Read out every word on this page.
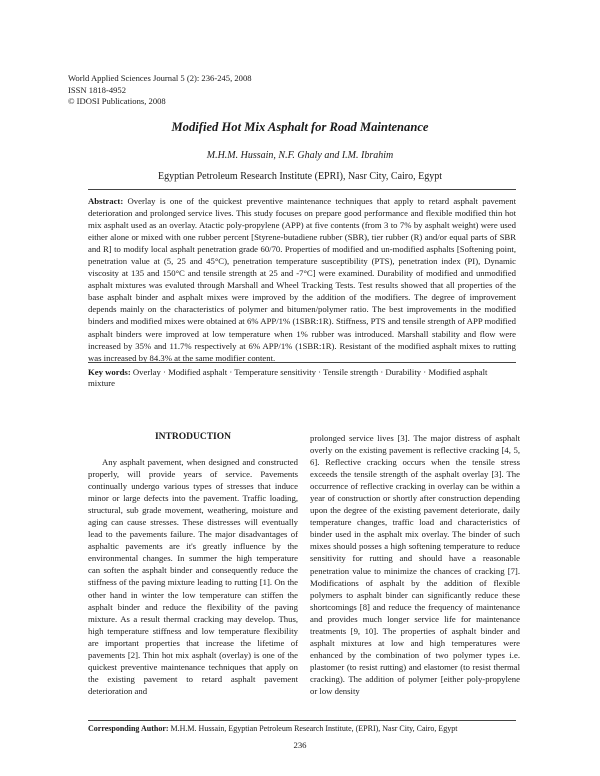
World Applied Sciences Journal 5 (2): 236-245, 2008
ISSN 1818-4952
© IDOSI Publications, 2008
Modified Hot Mix Asphalt for Road Maintenance
M.H.M. Hussain, N.F. Ghaly and I.M. Ibrahim
Egyptian Petroleum Research Institute (EPRI), Nasr City, Cairo, Egypt
Abstract: Overlay is one of the quickest preventive maintenance techniques that apply to retard asphalt pavement deterioration and prolonged service lives. This study focuses on prepare good performance and flexible modified thin hot mix asphalt used as an overlay. Atactic poly-propylene (APP) at five contents (from 3 to 7% by asphalt weight) were used either alone or mixed with one rubber percent [Styrene-butadiene rubber (SBR), tier rubber (R) and/or equal parts of SBR and R] to modify local asphalt penetration grade 60/70. Properties of modified and un-modified asphalts [Softening point, penetration value at (5, 25 and 45°C), penetration temperature susceptibility (PTS), penetration index (PI), Dynamic viscosity at 135 and 150°C and tensile strength at 25 and -7°C] were examined. Durability of modified and unmodified asphalt mixtures was evaluted through Marshall and Wheel Tracking Tests. Test results showed that all properties of the base asphalt binder and asphalt mixes were improved by the addition of the modifiers. The degree of improvement depends mainly on the characteristics of polymer and bitumen/polymer ratio. The best improvements in the modified binders and modified mixes were obtained at 6% APP/1% (1SBR:1R). Stiffness, PTS and tensile strength of APP modified asphalt binders were improved at low temperature when 1% rubber was introduced. Marshall stability and flow were increased by 35% and 11.7% respectively at 6% APP/1% (1SBR:1R). Resistant of the modified asphalt mixes to rutting was increased by 84.3% at the same modifier content.
Key words: Overlay · Modified asphalt · Temperature sensitivity · Tensile strength · Durability · Modified asphalt mixture
INTRODUCTION
Any asphalt pavement, when designed and constructed properly, will provide years of service. Pavements continually undergo various types of stresses that induce minor or large defects into the pavement. Traffic loading, structural, sub grade movement, weathering, moisture and aging can cause stresses. These distresses will eventually lead to the pavements failure. The major disadvantages of asphaltic pavements are it's greatly influence by the environmental changes. In summer the high temperature can soften the asphalt binder and consequently reduce the stiffness of the paving mixture leading to rutting [1]. On the other hand in winter the low temperature can stiffen the asphalt binder and reduce the flexibility of the paving mixture. As a result thermal cracking may develop. Thus, high temperature stiffness and low temperature flexibility are important properties that increase the lifetime of pavements [2]. Thin hot mix asphalt (overlay) is one of the quickest preventive maintenance techniques that apply on the existing pavement to retard asphalt pavement deterioration and
prolonged service lives [3]. The major distress of asphalt overly on the existing pavement is reflective cracking [4, 5, 6]. Reflective cracking occurs when the tensile stress exceeds the tensile strength of the asphalt overlay [3]. The occurrence of reflective cracking in overlay can be within a year of construction or shortly after construction depending upon the degree of the existing pavement deteriorate, daily temperature changes, traffic load and characteristics of binder used in the asphalt mix overlay. The binder of such mixes should posses a high softening temperature to reduce sensitivity for rutting and should have a reasonable penetration value to minimize the chances of cracking [7]. Modifications of asphalt by the addition of flexible polymers to asphalt binder can significantly reduce these shortcomings [8] and reduce the frequency of maintenance and provides much longer service life for maintenance treatments [9, 10]. The properties of asphalt binder and asphalt mixtures at low and high temperatures were enhanced by the combination of two polymer types i.e. plastomer (to resist rutting) and elastomer (to resist thermal cracking). The addition of polymer [either poly-propylene or low density
Corresponding Author: M.H.M. Hussain, Egyptian Petroleum Research Institute, (EPRI), Nasr City, Cairo, Egypt
236
